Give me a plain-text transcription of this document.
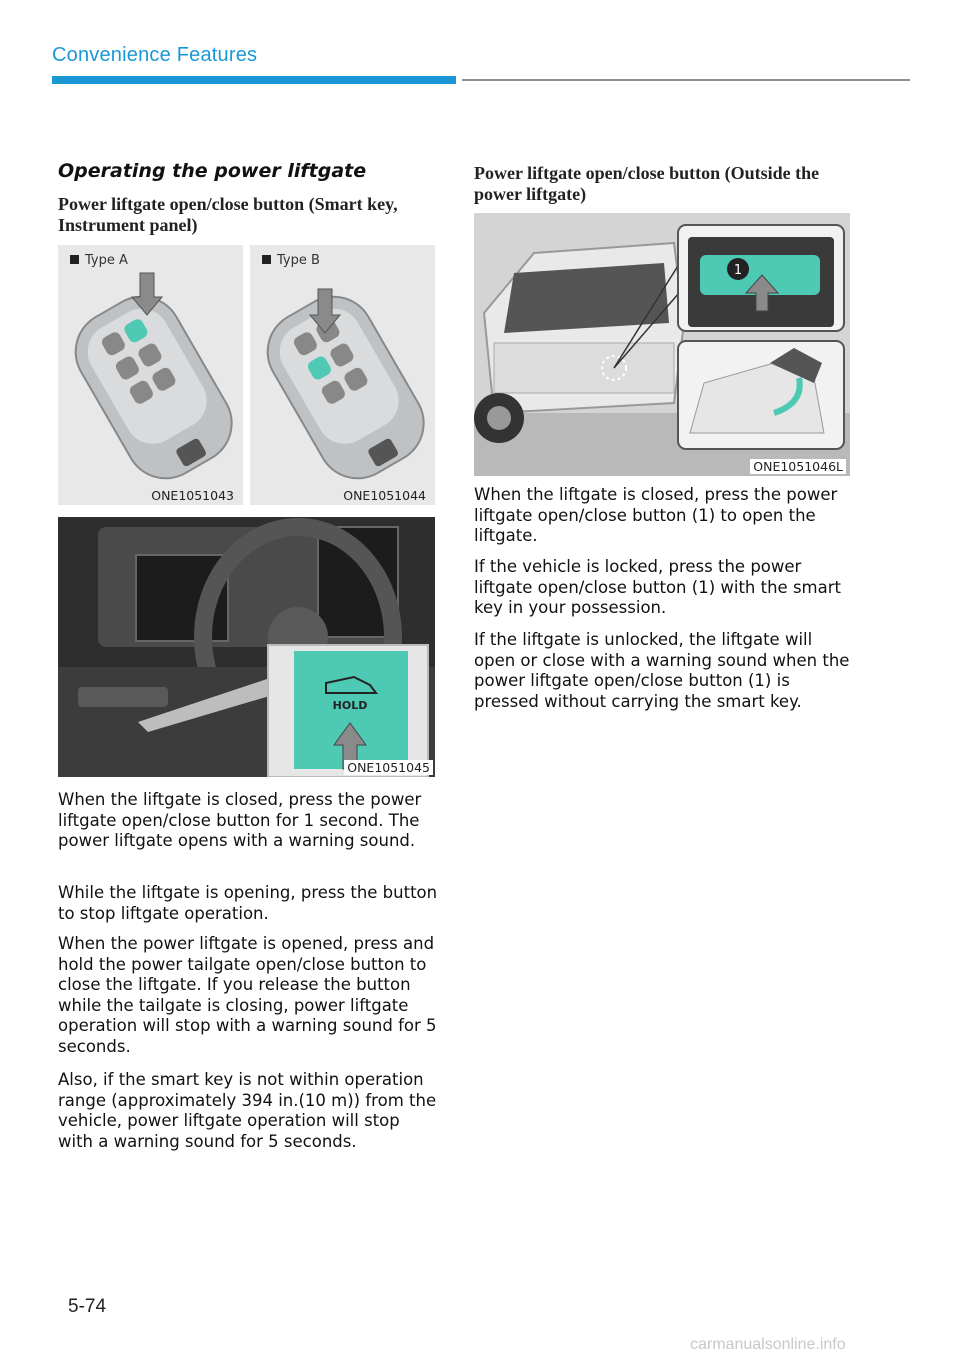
Convenience Features
Operating the power liftgate
Power liftgate open/close button (Smart key, Instrument panel)
Type A
ONE1051043
Type B
ONE1051044
HOLD
ONE1051045

When the liftgate is closed, press the power liftgate open/close button for 1 second. The power liftgate opens with a warning sound.

While the liftgate is opening, press the button to stop liftgate operation.

When the power liftgate is opened, press and hold the power tailgate open/close button to close the liftgate. If you release the button while the tailgate is closing, power liftgate operation will stop with a warning sound for 5 seconds.

Also, if the smart key is not within operation range (approximately 394 in.(10 m)) from the vehicle, power liftgate operation will stop with a warning sound for 5 seconds.

Power liftgate open/close button (Outside the power liftgate)
1
ONE1051046L

When the liftgate is closed, press the power liftgate open/close button (1) to open the liftgate.

If the vehicle is locked, press the power liftgate open/close button (1) with the smart key in your possession.

If the liftgate is unlocked, the liftgate will open or close with a warning sound when the power liftgate open/close button (1) is pressed without carrying the smart key.

5-74
carmanualsonline.info
